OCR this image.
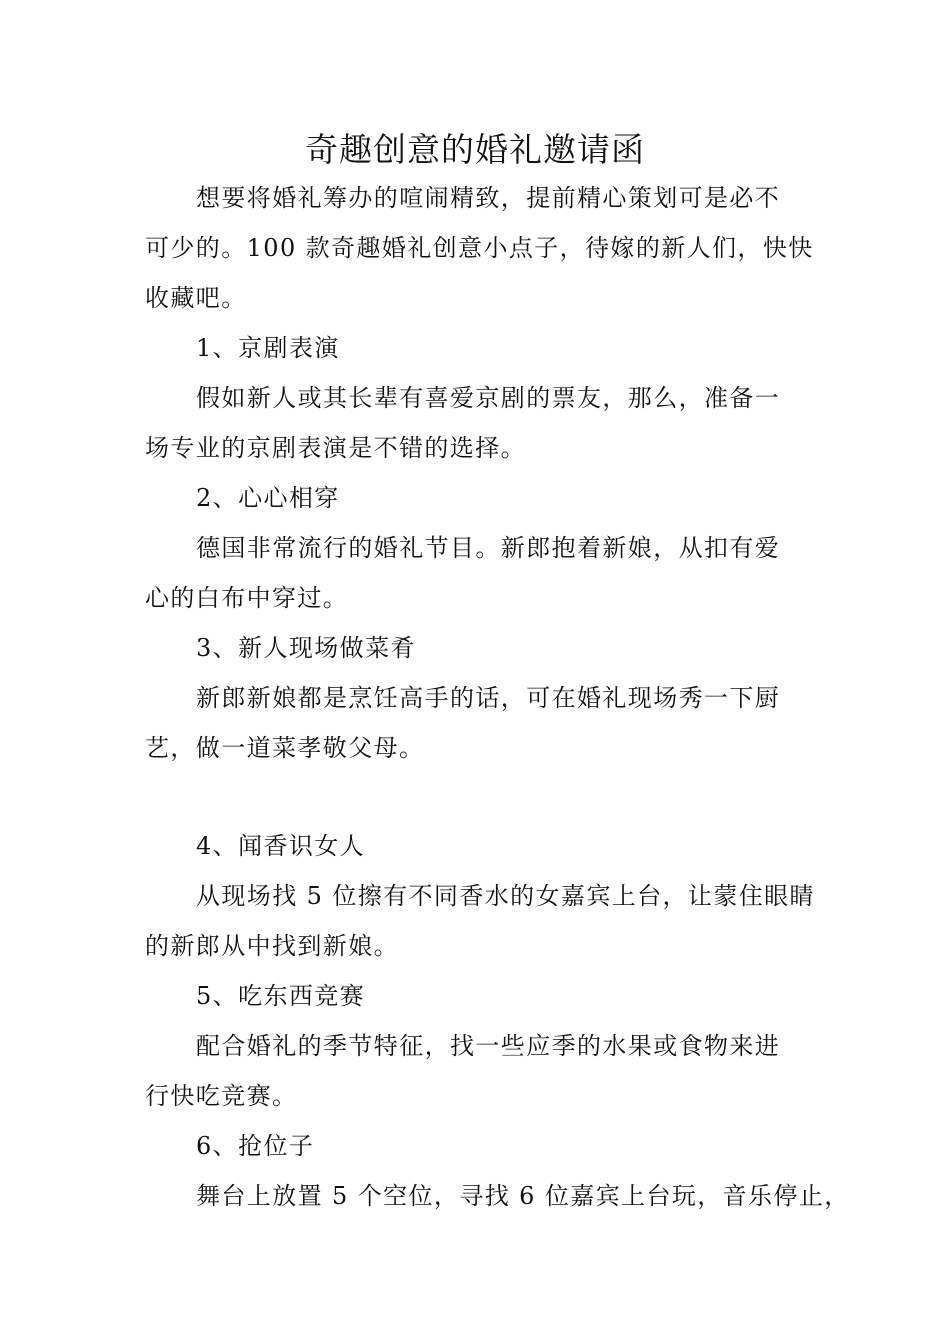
奇趣创意的婚礼邀请函
想要将婚礼筹办的喧闹精致，提前精心策划可是必不
可少的。100 款奇趣婚礼创意小点子，待嫁的新人们，快快
收藏吧。
1、京剧表演
假如新人或其长辈有喜爱京剧的票友，那么，准备一
场专业的京剧表演是不错的选择。
2、心心相穿
德国非常流行的婚礼节目。新郎抱着新娘，从扣有爱
心的白布中穿过。
3、新人现场做菜肴
新郎新娘都是烹饪高手的话，可在婚礼现场秀一下厨
艺，做一道菜孝敬父母。
4、闻香识女人
从现场找 5 位擦有不同香水的女嘉宾上台，让蒙住眼睛
的新郎从中找到新娘。
5、吃东西竞赛
配合婚礼的季节特征，找一些应季的水果或食物来进
行快吃竞赛。
6、抢位子
舞台上放置 5 个空位，寻找 6 位嘉宾上台玩，音乐停止，
